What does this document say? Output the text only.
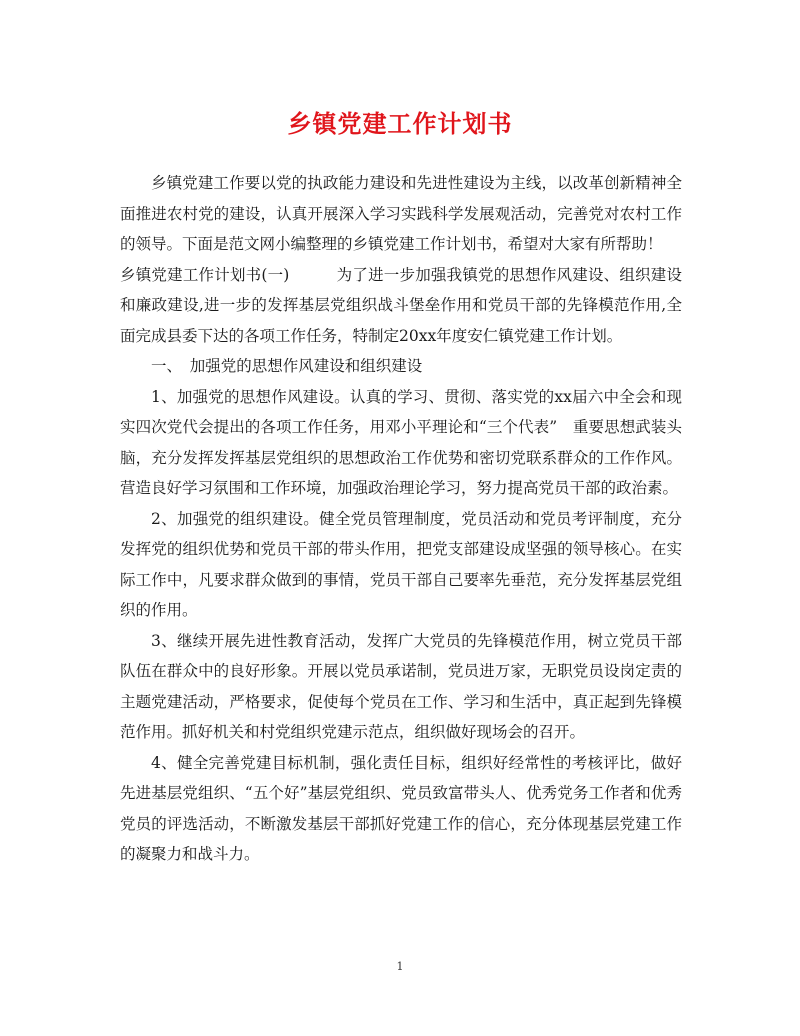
乡镇党建工作计划书

乡镇党建工作要以党的执政能力建设和先进性建设为主线，以改革创新精神全面推进农村党的建设，认真开展深入学习实践科学发展观活动，完善党对农村工作的领导。下面是范文网小编整理的乡镇党建工作计划书，希望对大家有所帮助！

乡镇党建工作计划书(一)　　　为了进一步加强我镇党的思想作风建设、组织建设和廉政建设,进一步的发挥基层党组织战斗堡垒作用和党员干部的先锋模范作用,全面完成县委下达的各项工作任务，特制定20xx年度安仁镇党建工作计划。

一、　加强党的思想作风建设和组织建设

1、加强党的思想作风建设。认真的学习、贯彻、落实党的xx届六中全会和现实四次党代会提出的各项工作任务，用邓小平理论和“三个代表”　重要思想武装头脑，充分发挥发挥基层党组织的思想政治工作优势和密切党联系群众的工作作风。营造良好学习氛围和工作环境，加强政治理论学习，努力提高党员干部的政治素。

2、加强党的组织建设。健全党员管理制度，党员活动和党员考评制度，充分发挥党的组织优势和党员干部的带头作用，把党支部建设成坚强的领导核心。在实际工作中，凡要求群众做到的事情，党员干部自己要率先垂范，充分发挥基层党组织的作用。

3、继续开展先进性教育活动，发挥广大党员的先锋模范作用，树立党员干部队伍在群众中的良好形象。开展以党员承诺制，党员进万家，无职党员设岗定责的主题党建活动，严格要求，促使每个党员在工作、学习和生活中，真正起到先锋模范作用。抓好机关和村党组织党建示范点，组织做好现场会的召开。

4、健全完善党建目标机制，强化责任目标，组织好经常性的考核评比，做好先进基层党组织、“五个好”基层党组织、党员致富带头人、优秀党务工作者和优秀党员的评选活动，不断激发基层干部抓好党建工作的信心，充分体现基层党建工作的凝聚力和战斗力。

1
